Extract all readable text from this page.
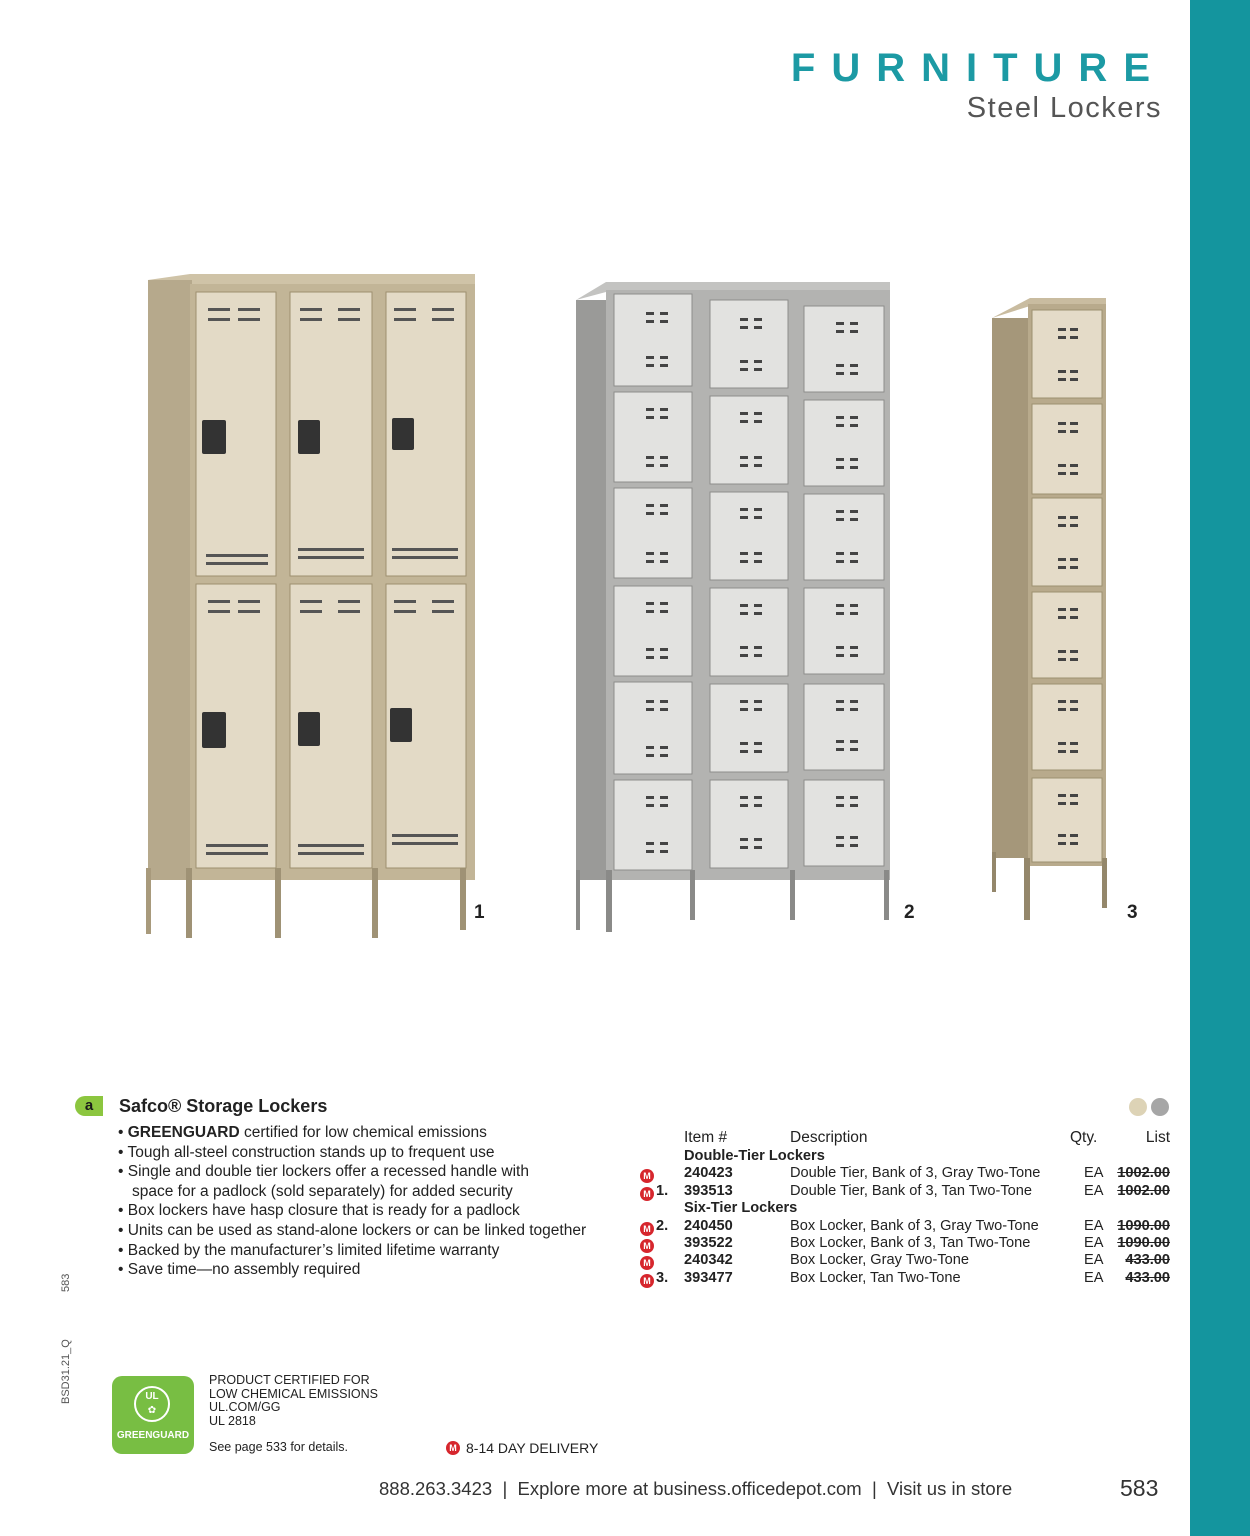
FURNITURE
Steel Lockers
1	2	3
a	Safco® Storage Lockers
• GREENGUARD certified for low chemical emissions
• Tough all-steel construction stands up to frequent use
• Single and double tier lockers offer a recessed handle with
space for a padlock (sold separately) for added security
• Box lockers have hasp closure that is ready for a padlock
• Units can be used as stand-alone lockers or can be linked together
• Backed by the manufacturer’s limited lifetime warranty
• Save time—no assembly required
Item #	Description	Qty.	List
Double-Tier Lockers
M 240423	Double Tier, Bank of 3, Gray Two-Tone	EA 1002.00
M 1. 393513	Double Tier, Bank of 3, Tan Two-Tone	EA 1002.00
Six-Tier Lockers
M 2. 240450	Box Locker, Bank of 3, Gray Two-Tone	EA 1090.00
M 393522	Box Locker, Bank of 3, Tan Two-Tone	EA 1090.00
M 240342	Box Locker, Gray Two-Tone	EA 433.00
M 3. 393477	Box Locker, Tan Two-Tone	EA 433.00
UL
✿
GREENGUARD
PRODUCT CERTIFIED FOR
LOW CHEMICAL EMISSIONS
UL.COM/GG
UL 2818
See page 533 for details.	M 8-14 DAY DELIVERY
888.263.3423  |  Explore more at business.officedepot.com  |  Visit us in store	583
583
BSD31.21_Q
